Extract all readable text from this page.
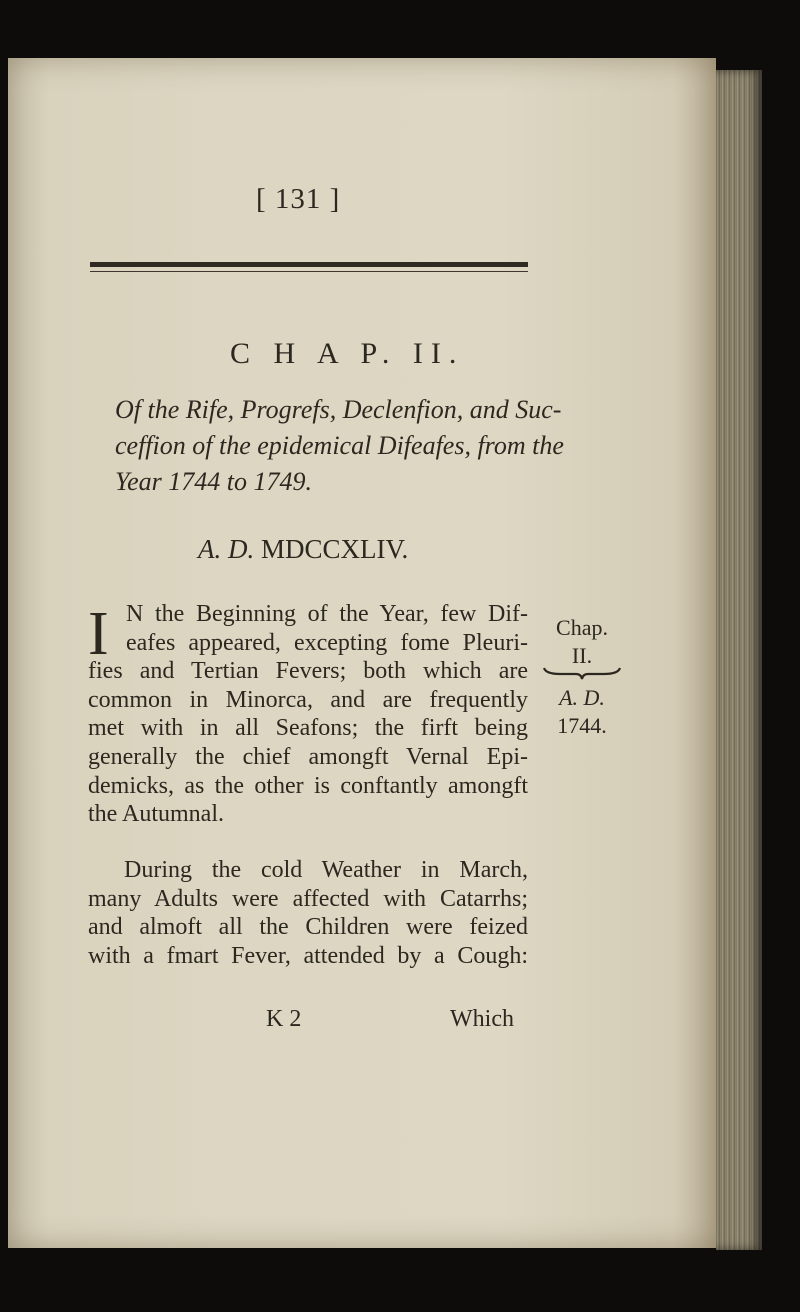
[ 131 ]
C H A P. II.
Of the Rife, Progrefs, Declenfion, and Suc-
ceffion of the epidemical Difeafes, from the
Year 1744 to 1749.
A. D. MDCCXLIV.
I N the Beginning of the Year, few Dif-
eafes appeared, excepting fome Pleuri-
fies and Tertian Fevers; both which are
common in Minorca, and are frequently
met with in all Seafons; the firft being
generally the chief amongft Vernal Epi-
demicks, as the other is conftantly amongft
the Autumnal.
During the cold Weather in March,
many Adults were affected with Catarrhs;
and almoft all the Children were feized
with a fmart Fever, attended by a Cough:
K 2	Which
Chap.
II.
A. D.
1744.
